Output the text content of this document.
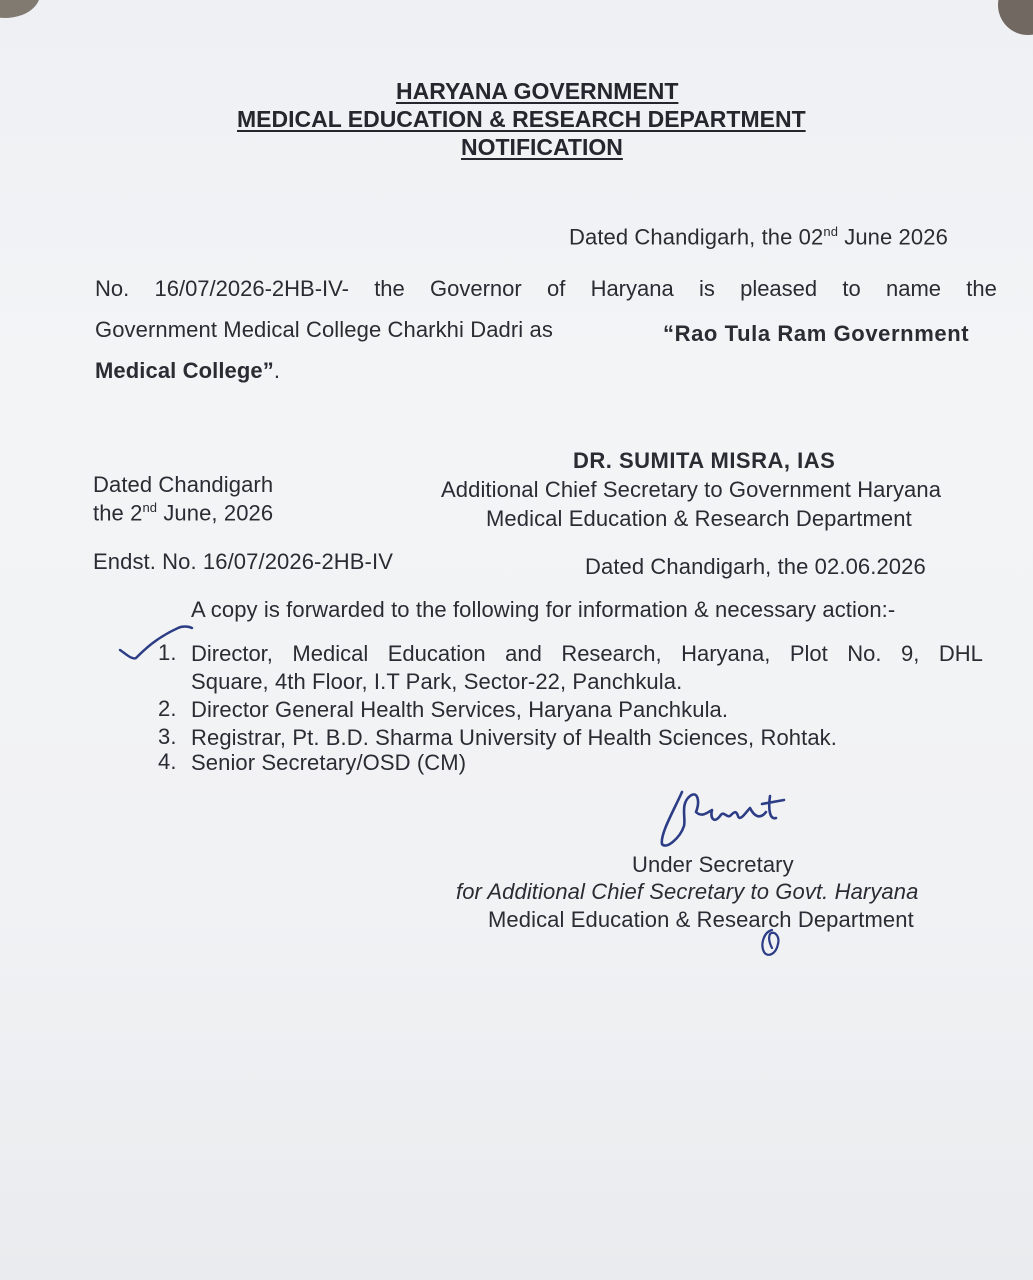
HARYANA GOVERNMENT
MEDICAL EDUCATION & RESEARCH DEPARTMENT
NOTIFICATION
Dated Chandigarh, the 02nd June 2026
No. 16/07/2026-2HB-IV- the Governor of Haryana is pleased to name the
Government Medical College Charkhi Dadri as	“Rao Tula Ram Government
Medical College”.
DR. SUMITA MISRA, IAS
Additional Chief Secretary to Government Haryana
Medical Education & Research Department
Dated Chandigarh
the 2nd June, 2026
Endst. No. 16/07/2026-2HB-IV	Dated Chandigarh, the 02.06.2026
A copy is forwarded to the following for information & necessary action:-
1. Director, Medical Education and Research, Haryana, Plot No. 9, DHL
Square, 4th Floor, I.T Park, Sector-22, Panchkula.
2. Director General Health Services, Haryana Panchkula.
3. Registrar, Pt. B.D. Sharma University of Health Sciences, Rohtak.
4. Senior Secretary/OSD (CM)
Under Secretary
for Additional Chief Secretary to Govt. Haryana
Medical Education & Research Department
